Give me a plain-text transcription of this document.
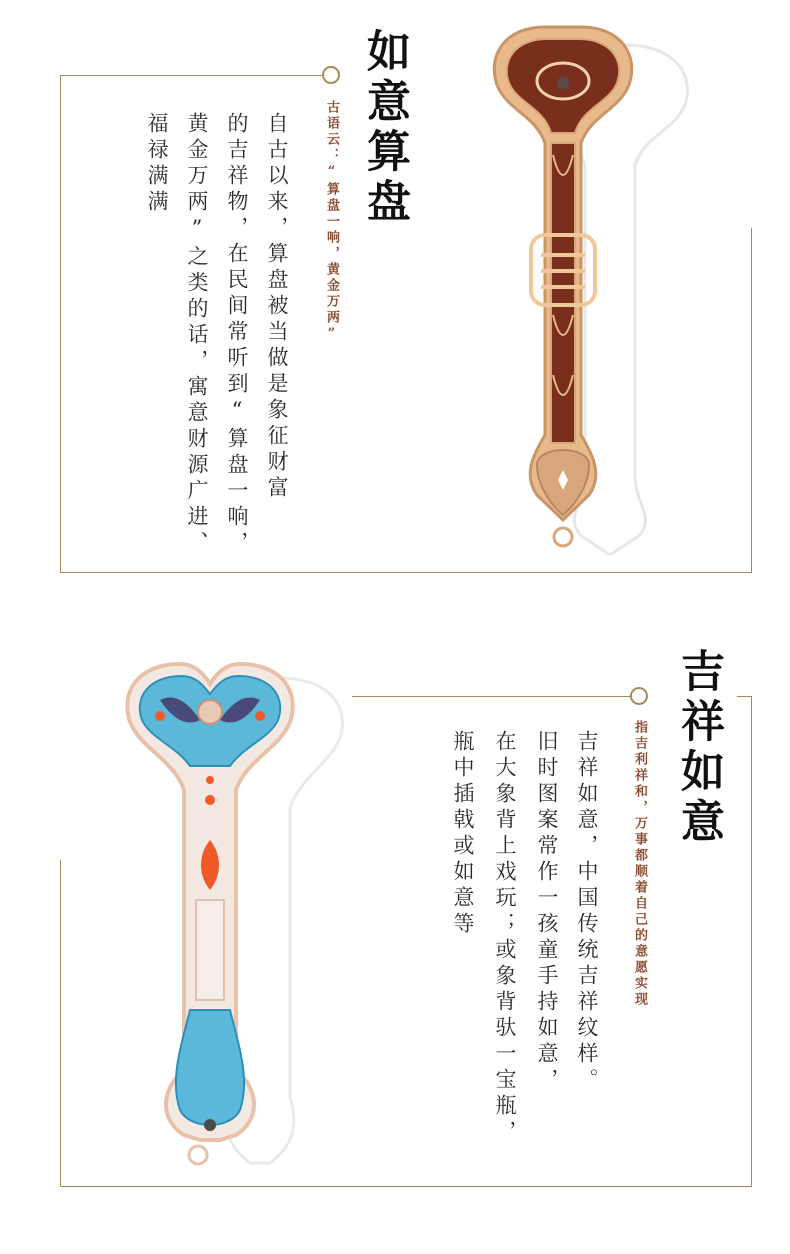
如意算盘
古语云：“算盘一响，黄金万两”
自古以来，算盘被当做是象征财富
的吉祥物，在民间常听到“算盘一响，
黄金万两”之类的话，寓意财源广进、
福禄满满
吉祥如意
指吉利祥和，万事都顺着自己的意愿实现
吉祥如意，中国传统吉祥纹样。
旧时图案常作一孩童手持如意，
在大象背上戏玩；或象背驮一宝瓶，
瓶中插戟或如意等
